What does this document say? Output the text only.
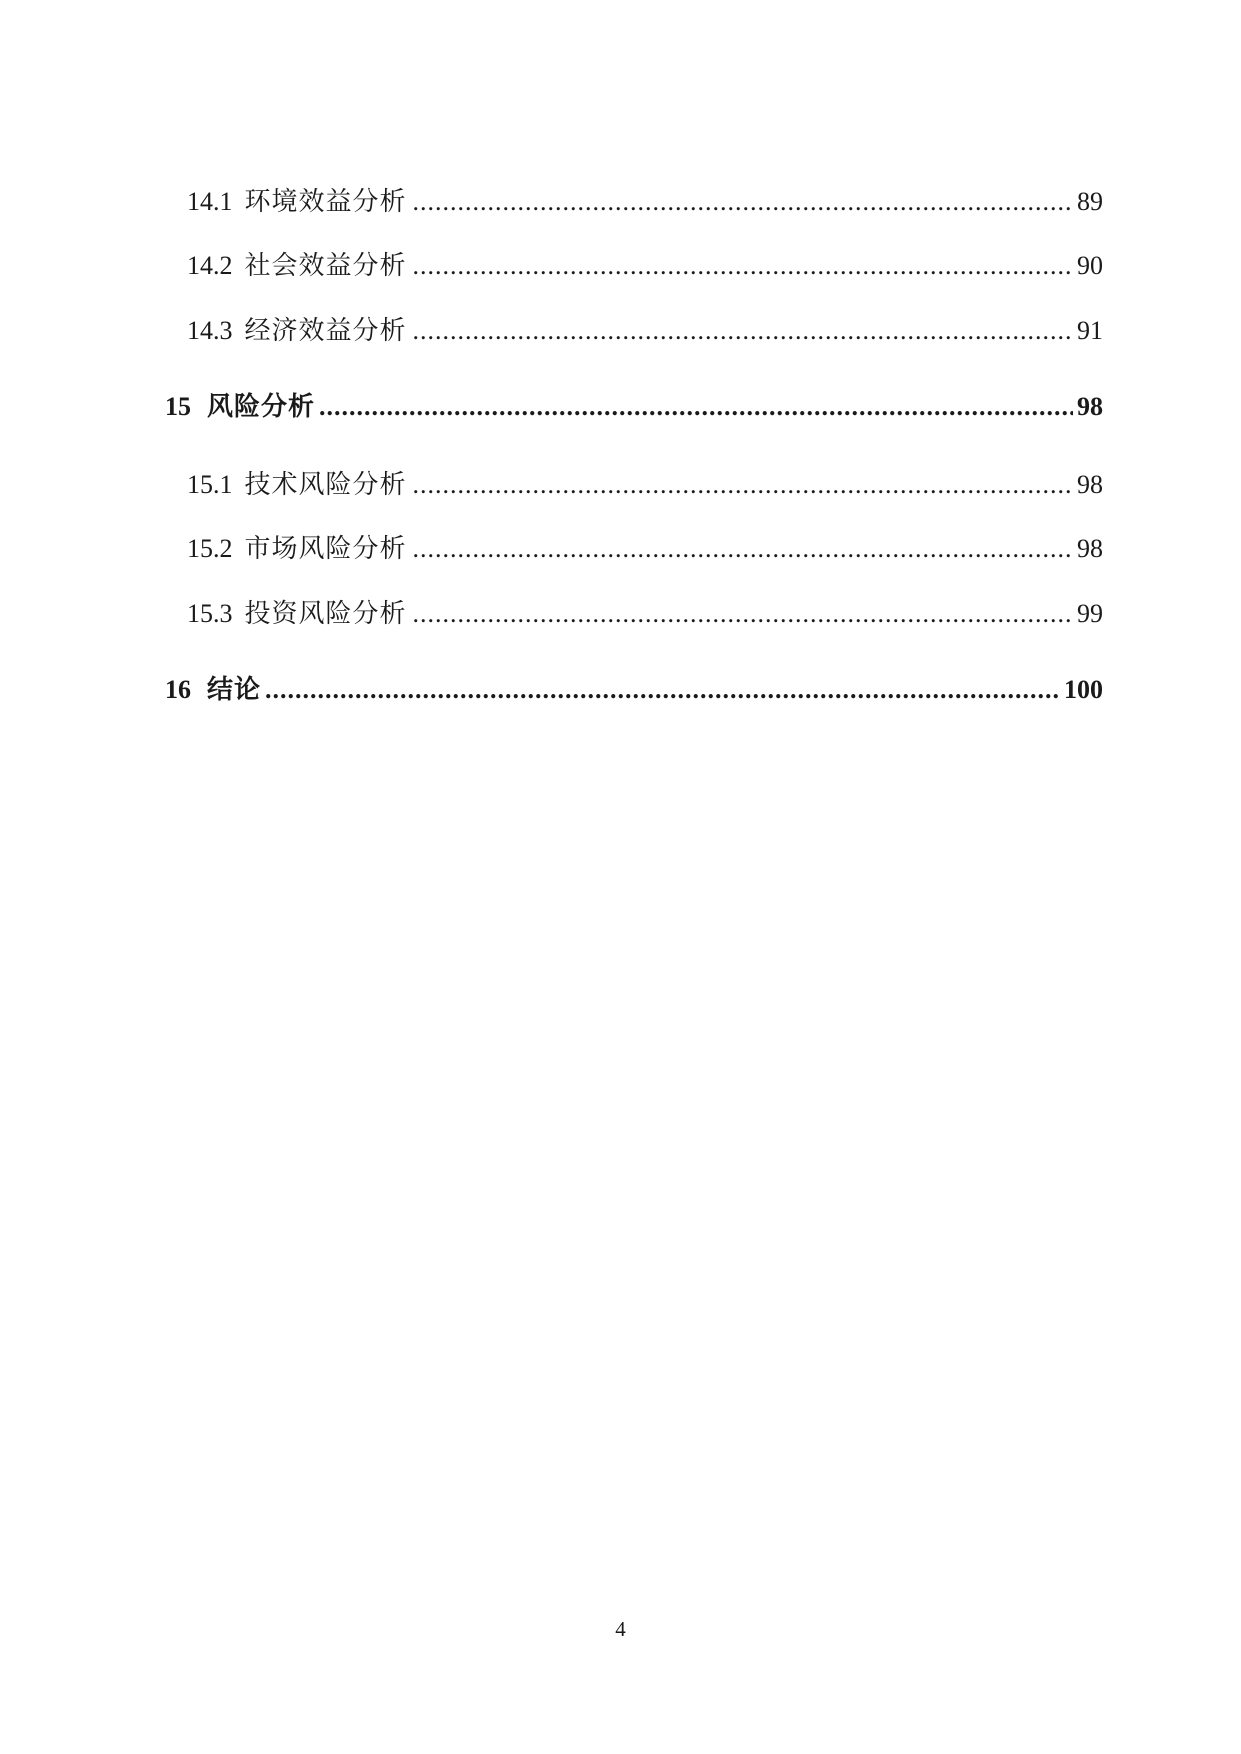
14.1 环境效益分析 .....	89
14.2 社会效益分析 .....	90
14.3 经济效益分析 .....	91
15 风险分析 .....	98
15.1 技术风险分析 .....	98
15.2 市场风险分析 .....	98
15.3 投资风险分析 .....	99
16 结论 .....	100
4
